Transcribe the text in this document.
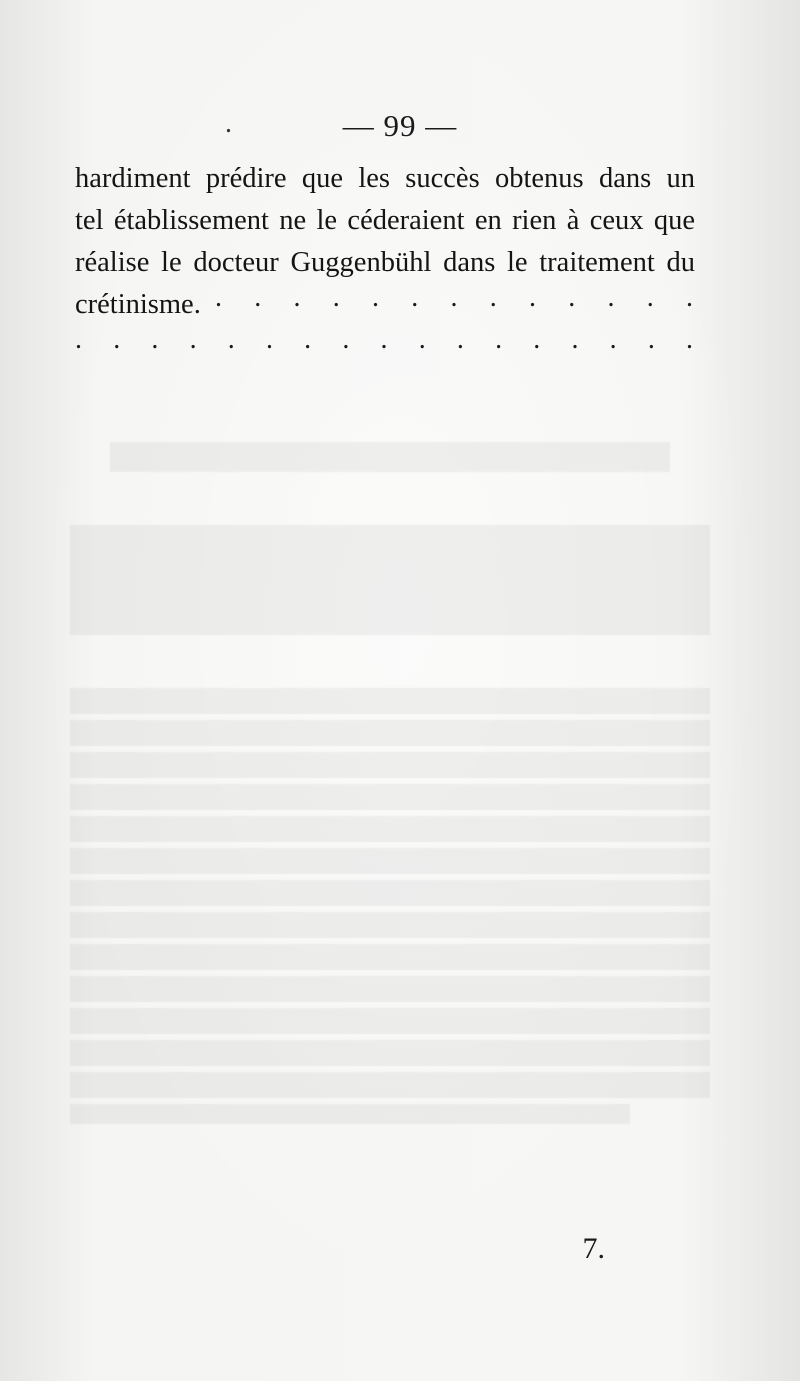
.	— 99 —
hardiment prédire que les succès obtenus dans un
tel établissement ne le céderaient en rien à ceux que
réalise le docteur Guggenbühl dans le traitement du
crétinisme. . . . . . . . . . . . . .
. . . . . . . . . . . . . . . . .
7.
